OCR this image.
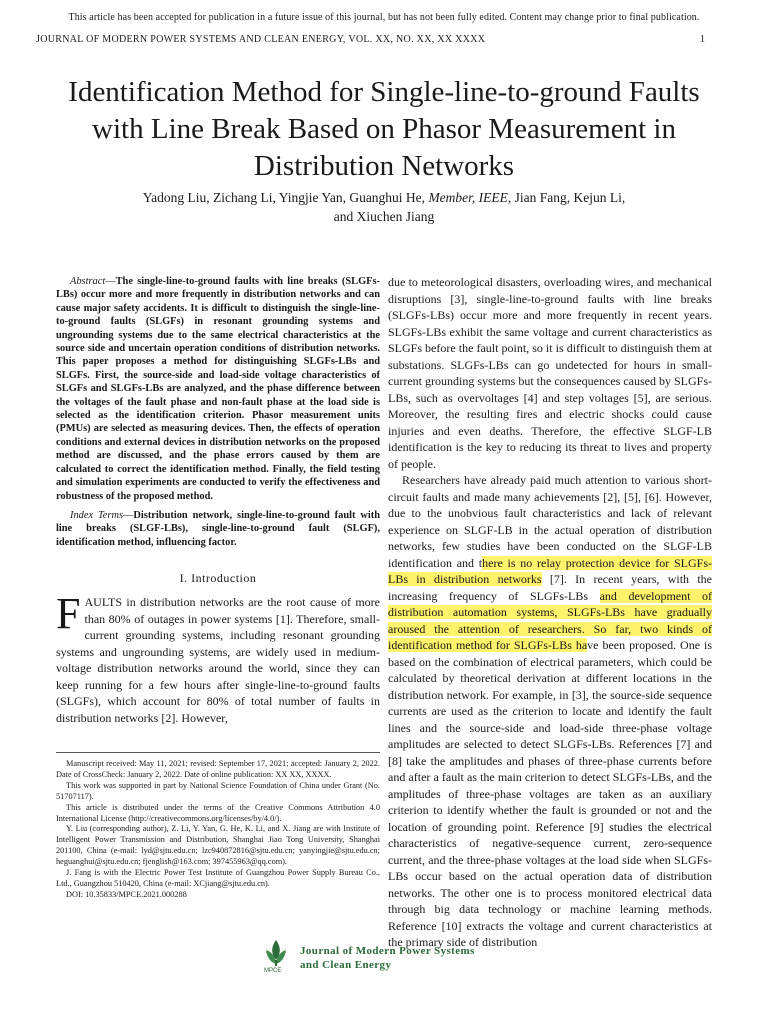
This article has been accepted for publication in a future issue of this journal, but has not been fully edited. Content may change prior to final publication.
JOURNAL OF MODERN POWER SYSTEMS AND CLEAN ENERGY, VOL. XX, NO. XX, XX XXXX	1
Identification Method for Single-line-to-ground Faults with Line Break Based on Phasor Measurement in Distribution Networks
Yadong Liu, Zichang Li, Yingjie Yan, Guanghui He, Member, IEEE, Jian Fang, Kejun Li,
and Xiuchen Jiang

Abstract—The single-line-to-ground faults with line breaks (SLGFs-LBs) occur more and more frequently in distribution networks and can cause major safety accidents. It is difficult to distinguish the single-line-to-ground faults (SLGFs) in resonant grounding systems and ungrounding systems due to the same electrical characteristics at the source side and uncertain operation conditions of distribution networks. This paper proposes a method for distinguishing SLGFs-LBs and SLGFs. First, the source-side and load-side voltage characteristics of SLGFs and SLGFs-LBs are analyzed, and the phase difference between the voltages of the fault phase and non-fault phase at the load side is selected as the identification criterion. Phasor measurement units (PMUs) are selected as measuring devices. Then, the effects of operation conditions and external devices in distribution networks on the proposed method are discussed, and the phase errors caused by them are calculated to correct the identification method. Finally, the field testing and simulation experiments are conducted to verify the effectiveness and robustness of the proposed method.

Index Terms—Distribution network, single-line-to-ground fault with line breaks (SLGF-LBs), single-line-to-ground fault (SLGF), identification method, influencing factor.

I. Introduction

FAULTS in distribution networks are the root cause of more than 80% of outages in power systems [1]. Therefore, small-current grounding systems, including resonant grounding systems and ungrounding systems, are widely used in medium-voltage distribution networks around the world, since they can keep running for a few hours after single-line-to-ground faults (SLGFs), which account for 80% of total number of faults in distribution networks [2]. However,

Manuscript received: May 11, 2021; revised: September 17, 2021; accepted: January 2, 2022. Date of CrossCheck: January 2, 2022. Date of online publication: XX XX, XXXX.

This work was supported in part by National Science Foundation of China under Grant (No. 51707117).

This article is distributed under the terms of the Creative Commons Attribution 4.0 International License (http://creativecommons.org/licenses/by/4.0/).

Y. Liu (corresponding author), Z. Li, Y. Yan, G. He, K. Li, and X. Jiang are with Institute of Intelligent Power Transmission and Distribution, Shanghai Jiao Tong University, Shanghai 201100, China (e-mail: lyd@sjtu.edu.cn; lzc940872816@sjtu.edu.cn; yanyingjie@sjtu.edu.cn; heguanghui@sjtu.edu.cn; fjenglish@163.com; 397455963@qq.com).

J. Fang is with the Electric Power Test Institute of Guangzhou Power Supply Bureau Co., Ltd., Guangzhou 510420, China (e-mail: XCjiang@sjtu.edu.cn).

DOI: 10.35833/MPCE.2021.000288

due to meteorological disasters, overloading wires, and mechanical disruptions [3], single-line-to-ground faults with line breaks (SLGFs-LBs) occur more and more frequently in recent years. SLGFs-LBs exhibit the same voltage and current characteristics as SLGFs before the fault point, so it is difficult to distinguish them at substations. SLGFs-LBs can go undetected for hours in small-current grounding systems but the consequences caused by SLGFs-LBs, such as overvoltages [4] and step voltages [5], are serious. Moreover, the resulting fires and electric shocks could cause injuries and even deaths. Therefore, the effective SLGF-LB identification is the key to reducing its threat to lives and property of people.

Researchers have already paid much attention to various short-circuit faults and made many achievements [2], [5], [6]. However, due to the unobvious fault characteristics and lack of relevant experience on SLGF-LB in the actual operation of distribution networks, few studies have been conducted on the SLGF-LB identification and there is no relay protection device for SLGFs-LBs in distribution networks [7]. In recent years, with the increasing frequency of SLGFs-LBs and development of distribution automation systems, SLGFs-LBs have gradually aroused the attention of researchers. So far, two kinds of identification method for SLGFs-LBs have been proposed. One is based on the combination of electrical parameters, which could be calculated by theoretical derivation at different locations in the distribution network. For example, in [3], the source-side sequence currents are used as the criterion to locate and identify the fault lines and the source-side and load-side three-phase voltage amplitudes are selected to detect SLGFs-LBs. References [7] and [8] take the amplitudes and phases of three-phase currents before and after a fault as the main criterion to detect SLGFs-LBs, and the amplitudes of three-phase voltages are taken as an auxiliary criterion to identify whether the fault is grounded or not and the location of grounding point. Reference [9] studies the electrical characteristics of negative-sequence current, zero-sequence current, and the three-phase voltages at the load side when SLGFs-LBs occur based on the actual operation data of distribution networks. The other one is to process monitored electrical data through big data technology or machine learning methods. Reference [10] extracts the voltage and current characteristics at the primary side of distribution

MPCE
Journal of Modern Power Systems
and Clean Energy
